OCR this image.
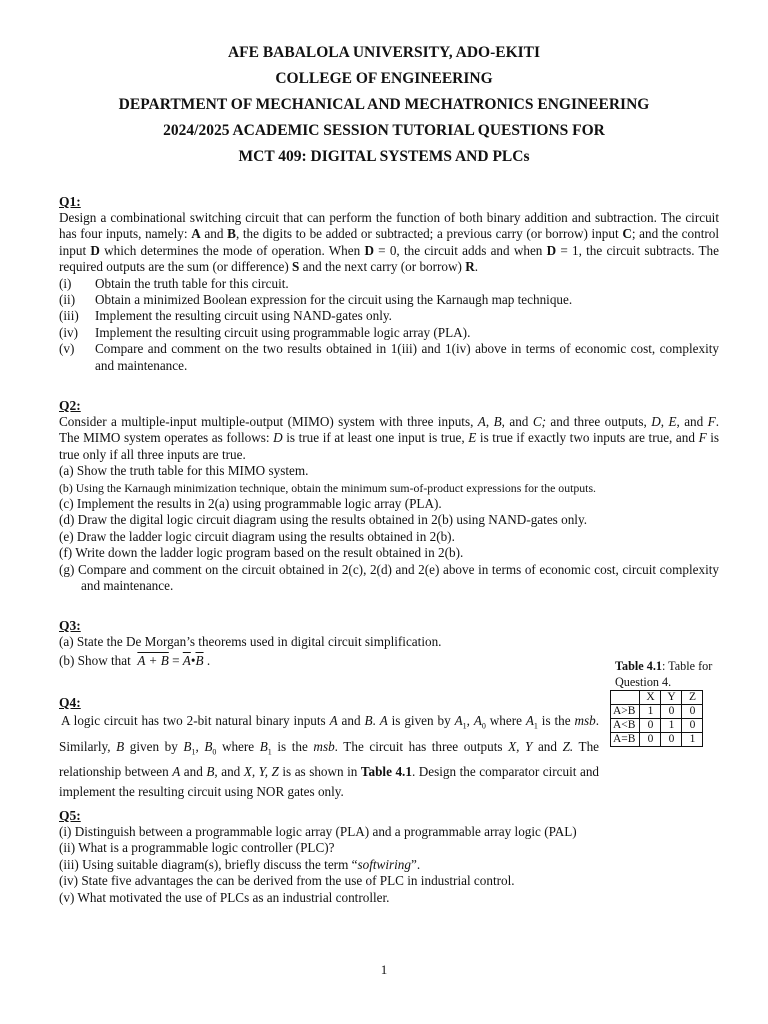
AFE BABALOLA UNIVERSITY, ADO-EKITI
COLLEGE OF ENGINEERING
DEPARTMENT OF MECHANICAL AND MECHATRONICS ENGINEERING
2024/2025 ACADEMIC SESSION TUTORIAL QUESTIONS FOR
MCT 409: DIGITAL SYSTEMS AND PLCs
Q1:
Design a combinational switching circuit that can perform the function of both binary addition and subtraction. The circuit has four inputs, namely: A and B, the digits to be added or subtracted; a previous carry (or borrow) input C; and the control input D which determines the mode of operation. When D = 0, the circuit adds and when D = 1, the circuit subtracts. The required outputs are the sum (or difference) S and the next carry (or borrow) R.
(i)	Obtain the truth table for this circuit.
(ii)	Obtain a minimized Boolean expression for the circuit using the Karnaugh map technique.
(iii)	Implement the resulting circuit using NAND-gates only.
(iv)	Implement the resulting circuit using programmable logic array (PLA).
(v)	Compare and comment on the two results obtained in 1(iii) and 1(iv) above in terms of economic cost, complexity and maintenance.
Q2:
Consider a multiple-input multiple-output (MIMO) system with three inputs, A, B, and C; and three outputs, D, E, and F. The MIMO system operates as follows: D is true if at least one input is true, E is true if exactly two inputs are true, and F is true only if all three inputs are true.
(a) Show the truth table for this MIMO system.
(b) Using the Karnaugh minimization technique, obtain the minimum sum-of-product expressions for the outputs.
(c) Implement the results in 2(a) using programmable logic array (PLA).
(d) Draw the digital logic circuit diagram using the results obtained in 2(b) using NAND-gates only.
(e) Draw the ladder logic circuit diagram using the results obtained in 2(b).
(f) Write down the ladder logic program based on the result obtained in 2(b).
(g) Compare and comment on the circuit obtained in 2(c), 2(d) and 2(e) above in terms of economic cost, circuit complexity and maintenance.
Q3:
(a) State the De Morgan’s theorems used in digital circuit simplification.
(b) Show that $A + B = \overline{A}•\overline{B}$ .	Table 4.1: Table for Question 4.
	X	Y	Z
A>B	1	0	0
A<B	0	1	0
A=B	0	0	1
Q4:
A logic circuit has two 2-bit natural binary inputs A and B. A is given by $A_1$, $A_0$ where $A_1$ is the msb. Similarly, B given by $B_1$, $B_0$ where $B_1$ is the msb. The circuit has three outputs X, Y and Z. The relationship between A and B, and X, Y, Z is as shown in Table 4.1. Design the comparator circuit and implement the resulting circuit using NOR gates only.
Q5:
(i) Distinguish between a programmable logic array (PLA) and a programmable array logic (PAL)
(ii) What is a programmable logic controller (PLC)?
(iii) Using suitable diagram(s), briefly discuss the term “softwiring”.
(iv) State five advantages the can be derived from the use of PLC in industrial control.
(v) What motivated the use of PLCs as an industrial controller.
1
